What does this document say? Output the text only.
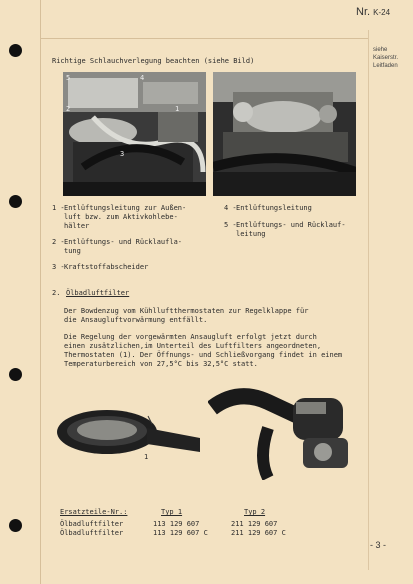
Nr. K-24
siehe
Kaiserstr.
Leitfaden
Richtige Schlauchverlegung beachten (siehe Bild)
5	4
2	1
3
1 - Entlüftungsleitung zur Außen-
luft bzw. zum Aktivkohlebe-
hälter
2 - Entlüftungs- und Rücklaufla-
tung
3 - Kraftstoffabscheider
4 - Entlüftungsleitung
5 - Entlüftungs- und Rücklauf-
leitung
2. Ölbadluftfilter
Der Bowdenzug vom Kühlluftthermostaten zur Regelklappe für
die Ansaugluftvorwärmung entfällt.
Die Regelung der vorgewärmten Ansaugluft erfolgt jetzt durch
einen zusätzlichen,im Unterteil des Luftfilters angeordneten,
Thermostaten (1). Der Öffnungs- und Schließvorgang findet in einem
Temperaturbereich von 27,5°C bis 32,5°C statt.
1
Ersatzteile-Nr.:	Typ 1	Typ 2
Ölbadluftfilter	113 129 607	211 129 607
Ölbadluftfilter	113 129 607 C	211 129 607 C
- 3 -
